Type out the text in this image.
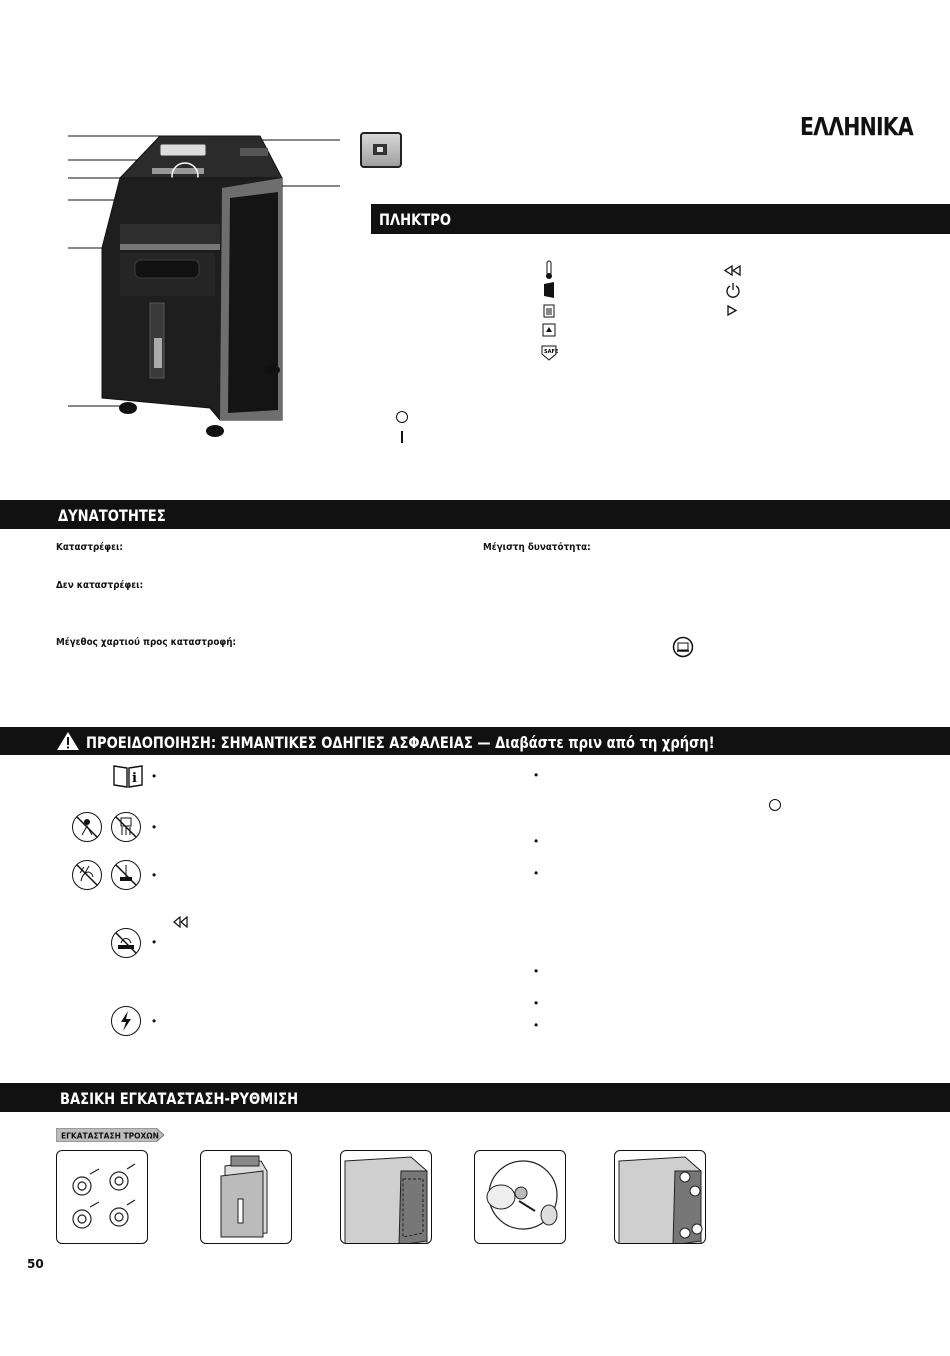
ΕΛΛΗΝΙΚΑ
ΠΛΗΚΤΡΟ
SAFE
ΔΥΝΑΤΟΤΗΤΕΣ
Καταστρέφει:
Δεν καταστρέφει:
Μέγεθος χαρτιού προς καταστροφή:
Μέγιστη δυνατότητα:
ΠΡΟΕΙΔΟΠΟΙΗΣΗ: ΣΗΜΑΝΤΙΚΕΣ ΟΔΗΓΙΕΣ ΑΣΦΑΛΕΙΑΣ — Διαβάστε πριν από τη χρήση!
i •
•
•
•
•
•
•
•
•
•
•
ΒΑΣΙΚΗ ΕΓΚΑΤΑΣΤΑΣΗ-ΡΥΘΜΙΣΗ
ΕΓΚΑΤΑΣΤΑΣΗ ΤΡΟΧΩΝ
50
